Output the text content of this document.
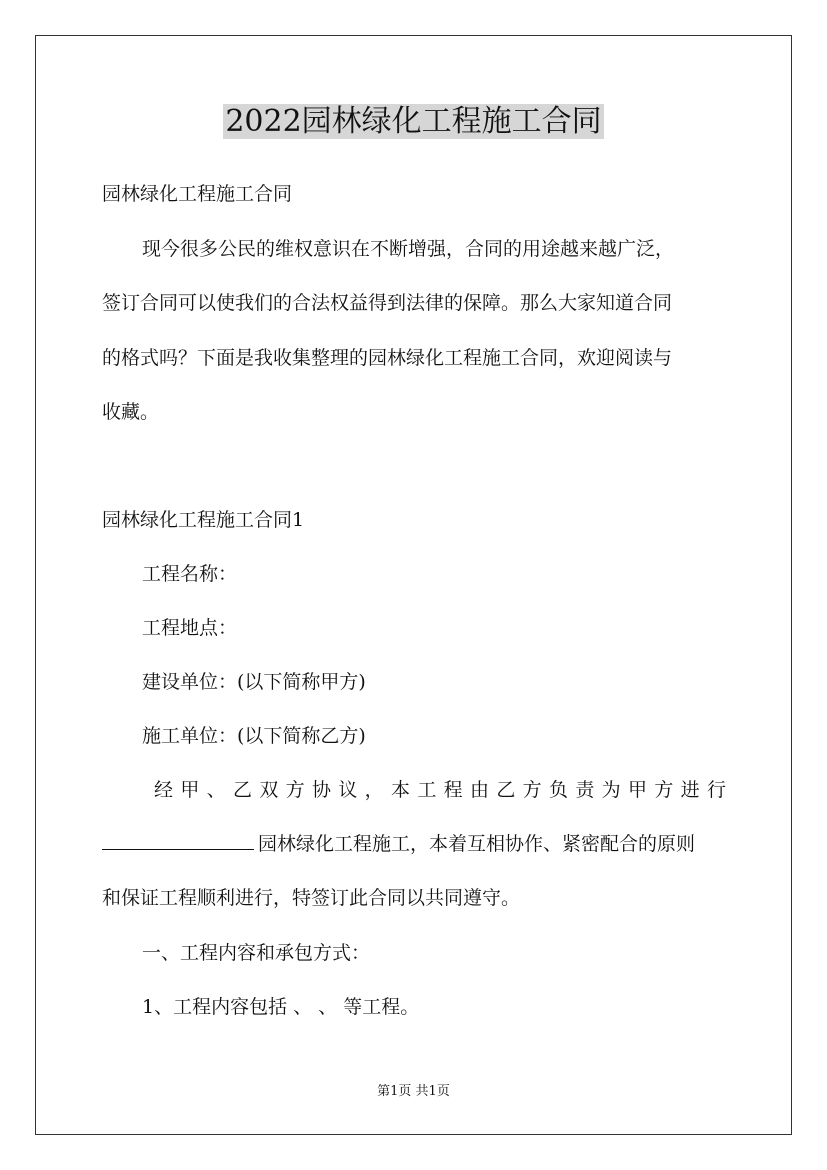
2022园林绿化工程施工合同

园林绿化工程施工合同

现今很多公民的维权意识在不断增强，合同的用途越来越广泛，

签订合同可以使我们的合法权益得到法律的保障。那么大家知道合同

的格式吗？下面是我收集整理的园林绿化工程施工合同，欢迎阅读与

收藏。

园林绿化工程施工合同1

工程名称：

工程地点：

建设单位：(以下简称甲方)

施工单位：(以下简称乙方)

经甲、乙双方协议，本工程由乙方负责为甲方进行

园林绿化工程施工，本着互相协作、紧密配合的原则

和保证工程顺利进行，特签订此合同以共同遵守。

一、工程内容和承包方式：

1、工程内容包括 、 、 等工程。

第1页 共1页
